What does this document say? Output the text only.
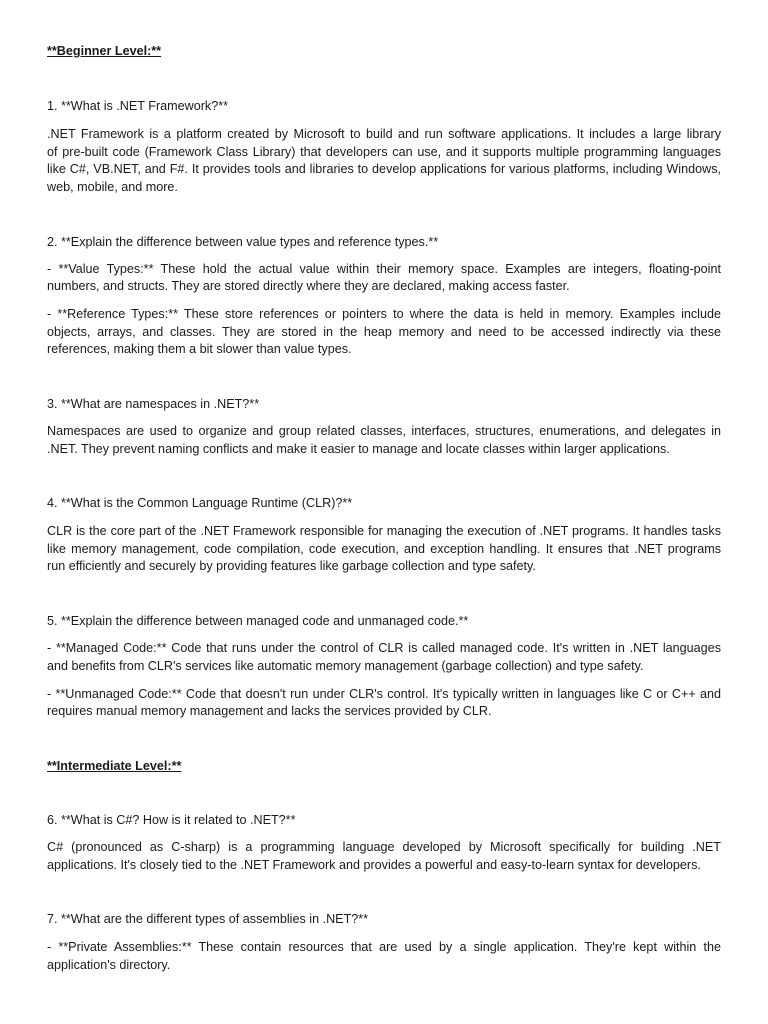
**Beginner Level:**
1. **What is .NET Framework?**
.NET Framework is a platform created by Microsoft to build and run software applications. It includes a large library
of pre-built code (Framework Class Library) that developers can use, and it supports multiple programming languages
like C#, VB.NET, and F#. It provides tools and libraries to develop applications for various platforms, including Windows,
web, mobile, and more.
2. **Explain the difference between value types and reference types.**
- **Value Types:** These hold the actual value within their memory space. Examples are integers, floating-point
numbers, and structs. They are stored directly where they are declared, making access faster.
- **Reference Types:** These store references or pointers to where the data is held in memory. Examples include
objects, arrays, and classes. They are stored in the heap memory and need to be accessed indirectly via these
references, making them a bit slower than value types.
3. **What are namespaces in .NET?**
Namespaces are used to organize and group related classes, interfaces, structures, enumerations, and delegates in
.NET. They prevent naming conflicts and make it easier to manage and locate classes within larger applications.
4. **What is the Common Language Runtime (CLR)?**
CLR is the core part of the .NET Framework responsible for managing the execution of .NET programs. It handles tasks
like memory management, code compilation, code execution, and exception handling. It ensures that .NET programs
run efficiently and securely by providing features like garbage collection and type safety.
5. **Explain the difference between managed code and unmanaged code.**
- **Managed Code:** Code that runs under the control of CLR is called managed code. It's written in .NET languages
and benefits from CLR's services like automatic memory management (garbage collection) and type safety.
- **Unmanaged Code:** Code that doesn't run under CLR's control. It's typically written in languages like C or C++ and
requires manual memory management and lacks the services provided by CLR.
**Intermediate Level:**
6. **What is C#? How is it related to .NET?**
C# (pronounced as C-sharp) is a programming language developed by Microsoft specifically for building .NET
applications. It's closely tied to the .NET Framework and provides a powerful and easy-to-learn syntax for developers.
7. **What are the different types of assemblies in .NET?**
- **Private Assemblies:** These contain resources that are used by a single application. They're kept within the
application's directory.
